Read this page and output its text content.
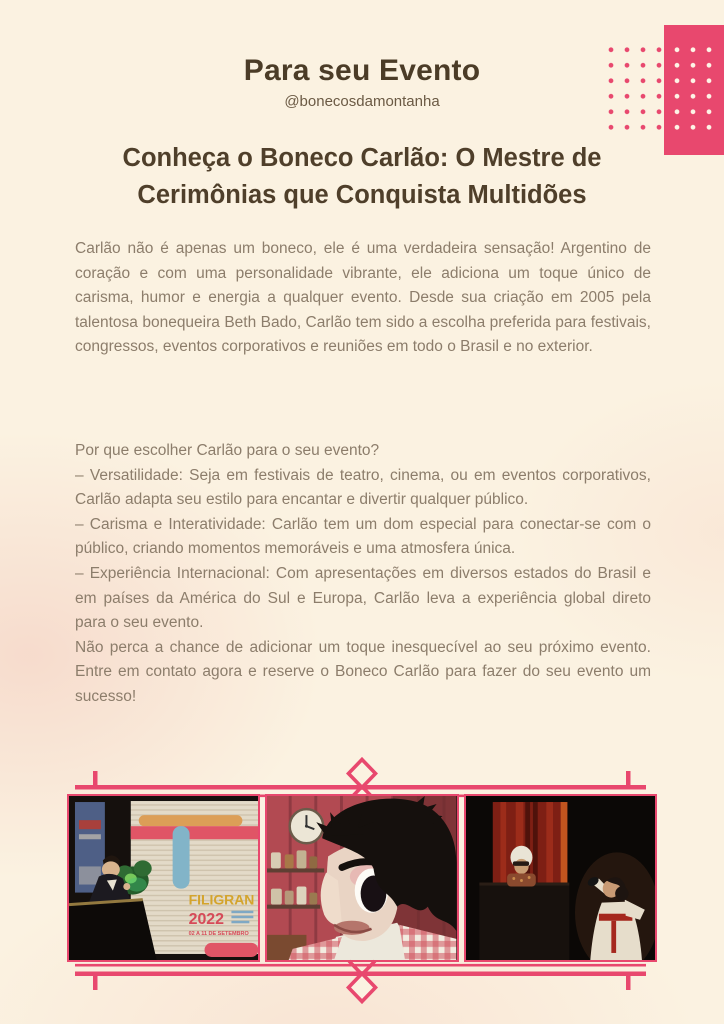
Para seu Evento
@bonecosdamontanha
Conheça o Boneco Carlão: O Mestre de Cerimônias que Conquista Multidões

Carlão não é apenas um boneco, ele é uma verdadeira sensação! Argentino de coração e com uma personalidade vibrante, ele adiciona um toque único de carisma, humor e energia a qualquer evento. Desde sua criação em 2005 pela talentosa bonequeira Beth Bado, Carlão tem sido a escolha preferida para festivais, congressos, eventos corporativos e reuniões em todo o Brasil e no exterior.

Por que escolher Carlão para o seu evento?

– Versatilidade: Seja em festivais de teatro, cinema, ou em eventos corporativos, Carlão adapta seu estilo para encantar e divertir qualquer público.

– Carisma e Interatividade: Carlão tem um dom especial para conectar-se com o público, criando momentos memoráveis e uma atmosfera única.

– Experiência Internacional: Com apresentações em diversos estados do Brasil e em países da América do Sul e Europa, Carlão leva a experiência global direto para o seu evento.

Não perca a chance de adicionar um toque inesquecível ao seu próximo evento. Entre em contato agora e reserve o Boneco Carlão para fazer do seu evento um sucesso!

FILIGRAN
2022
02 A 11 DE SETEMBRO
